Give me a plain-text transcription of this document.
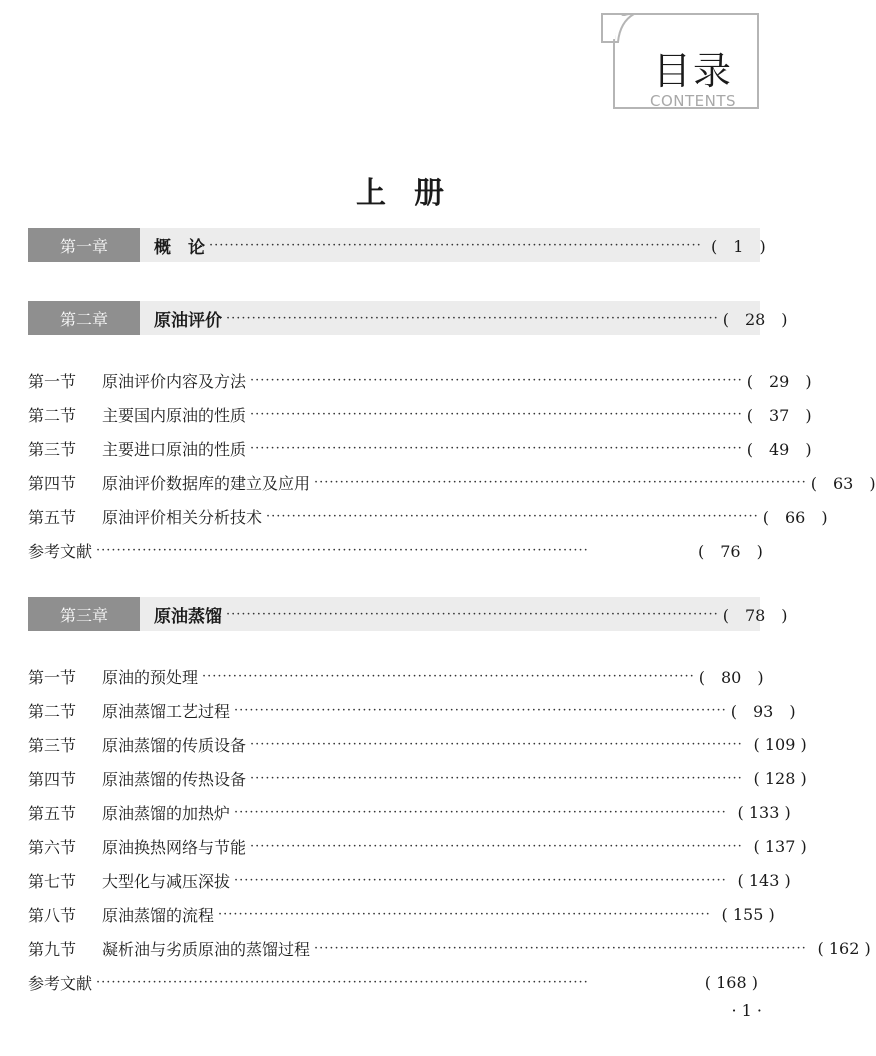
目录
CONTENTS
上册
第一章	概　论 ································································································ (　1　)
第二章	原油评价 ································································································ (　28　)
第一节	原油评价内容及方法 ································································································ (　29　)
第二节	主要国内原油的性质 ································································································ (　37　)
第三节	主要进口原油的性质 ································································································ (　49　)
第四节	原油评价数据库的建立及应用 ································································································ (　63　)
第五节	原油评价相关分析技术 ································································································ (　66　)
参考文献 ································································································	(　76　)
第三章	原油蒸馏 ································································································ (　78　)
第一节	原油的预处理 ································································································ (　80　)
第二节	原油蒸馏工艺过程 ································································································ (　93　)
第三节	原油蒸馏的传质设备 ································································································ ( 109 )
第四节	原油蒸馏的传热设备 ································································································ ( 128 )
第五节	原油蒸馏的加热炉 ································································································ ( 133 )
第六节	原油换热网络与节能 ································································································ ( 137 )
第七节	大型化与减压深拔 ································································································ ( 143 )
第八节	原油蒸馏的流程 ································································································ ( 155 )
第九节	凝析油与劣质原油的蒸馏过程 ································································································ ( 162 )
参考文献 ································································································	( 168 )
· 1 ·
